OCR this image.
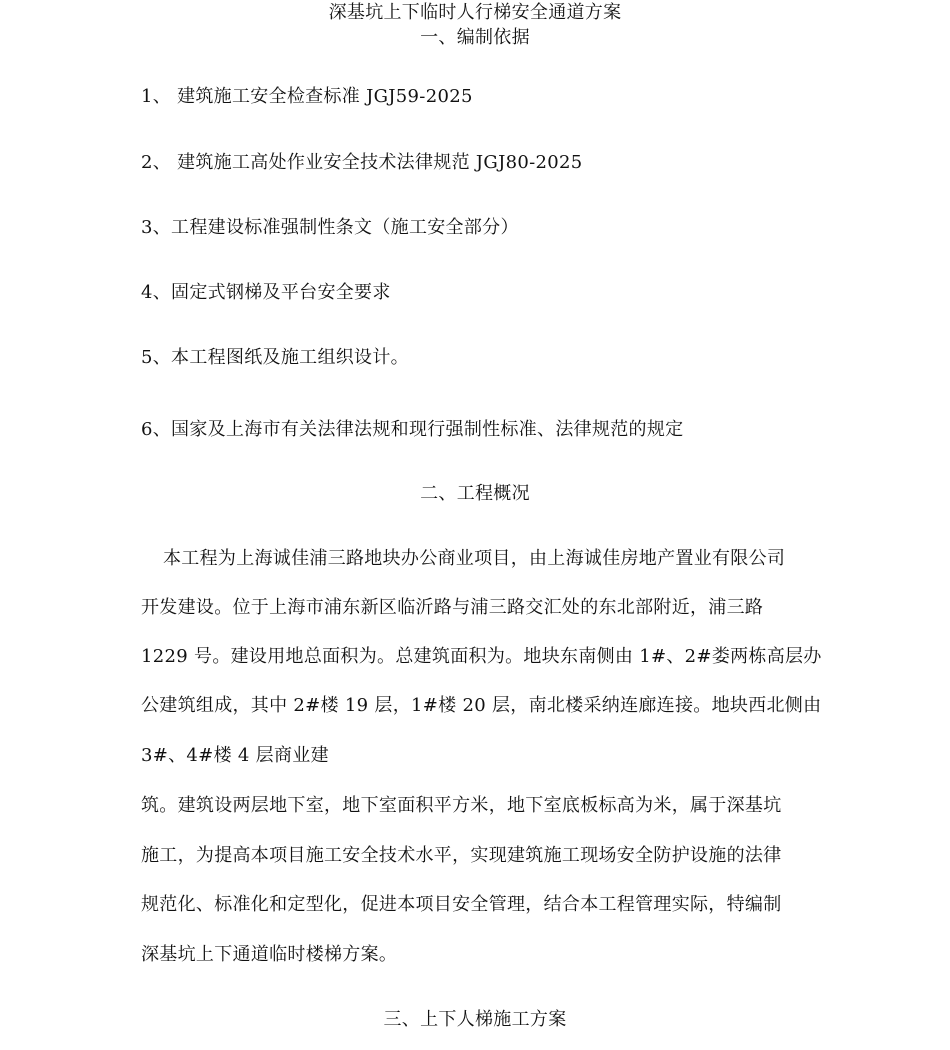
深基坑上下临时人行梯安全通道方案
一、编制依据
1、 建筑施工安全检查标准 JGJ59-2025
2、 建筑施工高处作业安全技术法律规范 JGJ80-2025
3、工程建设标准强制性条文（施工安全部分）
4、固定式钢梯及平台安全要求
5、本工程图纸及施工组织设计。
6、国家及上海市有关法律法规和现行强制性标准、法律规范的规定
二、工程概况
本工程为上海诚佳浦三路地块办公商业项目，由上海诚佳房地产置业有限公司
开发建设。位于上海市浦东新区临沂路与浦三路交汇处的东北部附近，浦三路
1229 号。建设用地总面积为。总建筑面积为。地块东南侧由 1#、2#娄两栋高层办
公建筑组成，其中 2#楼 19 层，1#楼 20 层，南北楼采纳连廊连接。地块西北侧由
3#、4#楼 4 层商业建
筑。建筑设两层地下室，地下室面积平方米，地下室底板标高为米，属于深基坑
施工，为提高本项目施工安全技术水平，实现建筑施工现场安全防护设施的法律
规范化、标准化和定型化，促进本项目安全管理，结合本工程管理实际，特编制
深基坑上下通道临时楼梯方案。
三、上下人梯施工方案
